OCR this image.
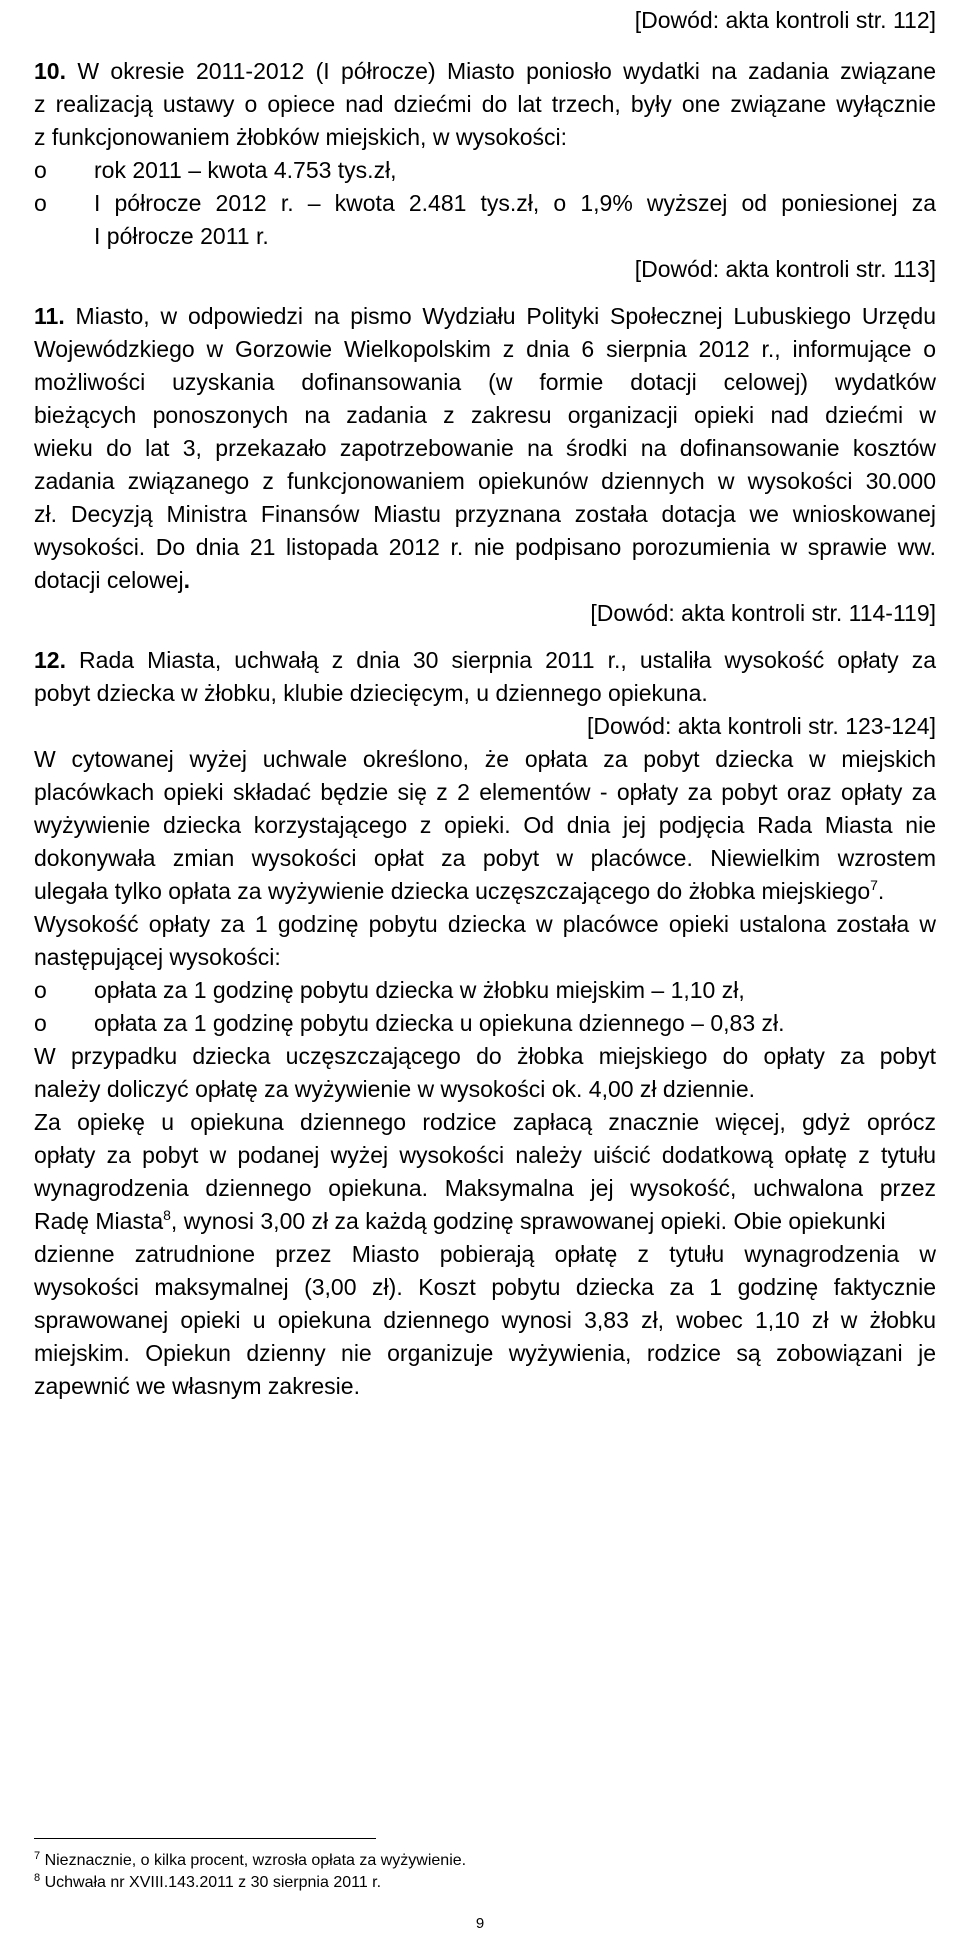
[Dowód: akta kontroli str. 112]
10. W okresie 2011-2012 (I półrocze) Miasto poniosło wydatki na zadania związane
z realizacją ustawy o opiece nad dziećmi do lat trzech, były one związane wyłącznie
z funkcjonowaniem żłobków miejskich, w wysokości:
o rok 2011 – kwota 4.753 tys.zł,
o I półrocze 2012 r. – kwota 2.481 tys.zł, o 1,9% wyższej od poniesionej za
I półrocze 2011 r.
[Dowód: akta kontroli str. 113]
11. Miasto, w odpowiedzi na pismo Wydziału Polityki Społecznej Lubuskiego Urzędu
Wojewódzkiego w Gorzowie Wielkopolskim z dnia 6 sierpnia 2012 r., informujące o
możliwości uzyskania dofinansowania (w formie dotacji celowej) wydatków
bieżących ponoszonych na zadania z zakresu organizacji opieki nad dziećmi w
wieku do lat 3, przekazało zapotrzebowanie na środki na dofinansowanie kosztów
zadania związanego z funkcjonowaniem opiekunów dziennych w wysokości 30.000
zł. Decyzją Ministra Finansów Miastu przyznana została dotacja we wnioskowanej
wysokości. Do dnia 21 listopada 2012 r. nie podpisano porozumienia w sprawie ww.
dotacji celowej.
[Dowód: akta kontroli str. 114-119]
12. Rada Miasta, uchwałą z dnia 30 sierpnia 2011 r., ustaliła wysokość opłaty za
pobyt dziecka w żłobku, klubie dziecięcym, u dziennego opiekuna.
[Dowód: akta kontroli str. 123-124]
W cytowanej wyżej uchwale określono, że opłata za pobyt dziecka w miejskich
placówkach opieki składać będzie się z 2 elementów - opłaty za pobyt oraz opłaty za
wyżywienie dziecka korzystającego z opieki. Od dnia jej podjęcia Rada Miasta nie
dokonywała zmian wysokości opłat za pobyt w placówce. Niewielkim wzrostem
ulegała tylko opłata za wyżywienie dziecka uczęszczającego do żłobka miejskiego$^7$.
Wysokość opłaty za 1 godzinę pobytu dziecka w placówce opieki ustalona została w
następującej wysokości:
o opłata za 1 godzinę pobytu dziecka w żłobku miejskim – 1,10 zł,
o opłata za 1 godzinę pobytu dziecka u opiekuna dziennego – 0,83 zł.
W przypadku dziecka uczęszczającego do żłobka miejskiego do opłaty za pobyt
należy doliczyć opłatę za wyżywienie w wysokości ok. 4,00 zł dziennie.
Za opiekę u opiekuna dziennego rodzice zapłacą znacznie więcej, gdyż oprócz
opłaty za pobyt w podanej wyżej wysokości należy uiścić dodatkową opłatę z tytułu
wynagrodzenia dziennego opiekuna. Maksymalna jej wysokość, uchwalona przez
Radę Miasta$^8$, wynosi 3,00 zł za każdą godzinę sprawowanej opieki. Obie opiekunki
dzienne zatrudnione przez Miasto pobierają opłatę z tytułu wynagrodzenia w
wysokości maksymalnej (3,00 zł). Koszt pobytu dziecka za 1 godzinę faktycznie
sprawowanej opieki u opiekuna dziennego wynosi 3,83 zł, wobec 1,10 zł w żłobku
miejskim. Opiekun dzienny nie organizuje wyżywienia, rodzice są zobowiązani je
zapewnić we własnym zakresie.
$^7$ Nieznacznie, o kilka procent, wzrosła opłata za wyżywienie.
$^8$ Uchwała nr XVIII.143.2011 z 30 sierpnia 2011 r.
9
